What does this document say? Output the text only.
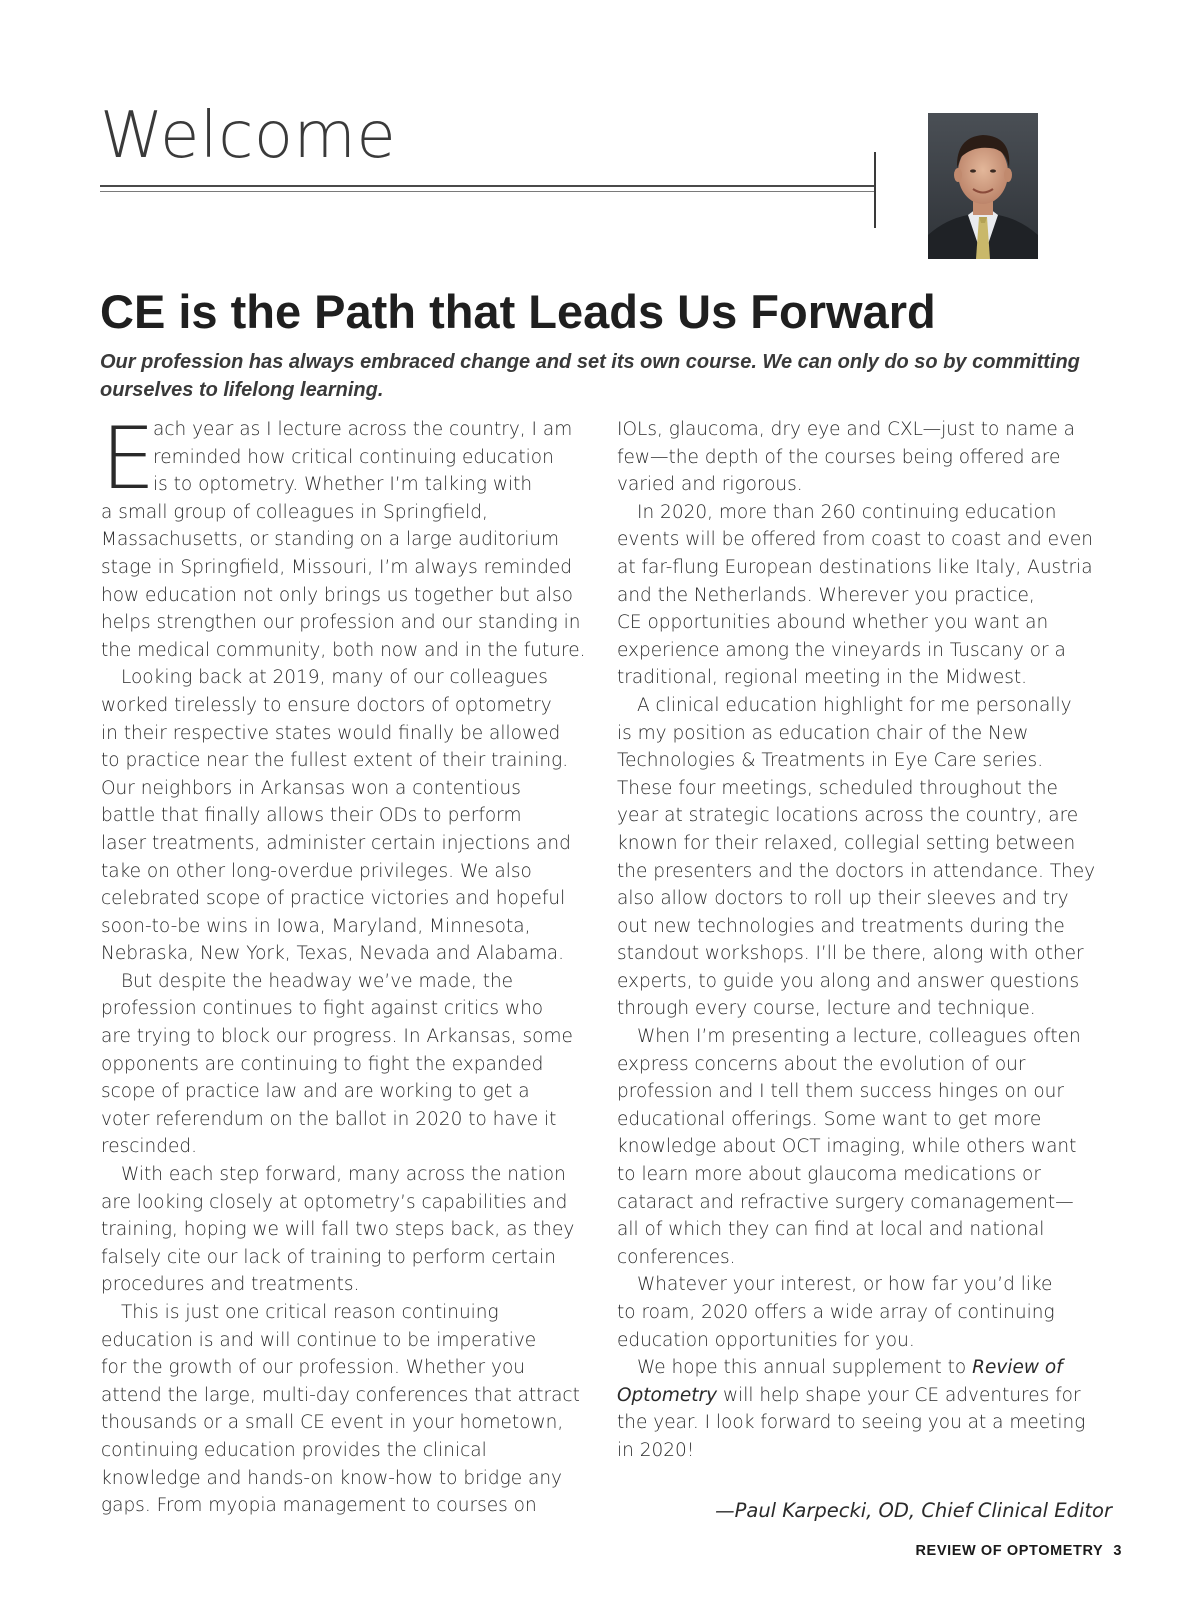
Welcome
CE is the Path that Leads Us Forward

Our profession has always embraced change and set its own course. We can only do so by committing ourselves to lifelong learning.

E
ach year as I lecture across the country, I am
reminded how critical continuing education
is to optometry. Whether I’m talking with
a small group of colleagues in Springfield,
Massachusetts, or standing on a large auditorium
stage in Springfield, Missouri, I’m always reminded
how education not only brings us together but also
helps strengthen our profession and our standing in
the medical community, both now and in the future.
Looking back at 2019, many of our colleagues
worked tirelessly to ensure doctors of optometry
in their respective states would finally be allowed
to practice near the fullest extent of their training.
Our neighbors in Arkansas won a contentious
battle that finally allows their ODs to perform
laser treatments, administer certain injections and
take on other long-overdue privileges. We also
celebrated scope of practice victories and hopeful
soon-to-be wins in Iowa, Maryland, Minnesota,
Nebraska, New York, Texas, Nevada and Alabama.
But despite the headway we’ve made, the
profession continues to fight against critics who
are trying to block our progress. In Arkansas, some
opponents are continuing to fight the expanded
scope of practice law and are working to get a
voter referendum on the ballot in 2020 to have it
rescinded.
With each step forward, many across the nation
are looking closely at optometry’s capabilities and
training, hoping we will fall two steps back, as they
falsely cite our lack of training to perform certain
procedures and treatments.
This is just one critical reason continuing
education is and will continue to be imperative
for the growth of our profession. Whether you
attend the large, multi-day conferences that attract
thousands or a small CE event in your hometown,
continuing education provides the clinical
knowledge and hands-on know-how to bridge any
gaps. From myopia management to courses on
IOLs, glaucoma, dry eye and CXL—just to name a
few—the depth of the courses being offered are
varied and rigorous.
In 2020, more than 260 continuing education
events will be offered from coast to coast and even
at far-flung European destinations like Italy, Austria
and the Netherlands. Wherever you practice,
CE opportunities abound whether you want an
experience among the vineyards in Tuscany or a
traditional, regional meeting in the Midwest.
A clinical education highlight for me personally
is my position as education chair of the New
Technologies & Treatments in Eye Care series.
These four meetings, scheduled throughout the
year at strategic locations across the country, are
known for their relaxed, collegial setting between
the presenters and the doctors in attendance. They
also allow doctors to roll up their sleeves and try
out new technologies and treatments during the
standout workshops. I’ll be there, along with other
experts, to guide you along and answer questions
through every course, lecture and technique.
When I’m presenting a lecture, colleagues often
express concerns about the evolution of our
profession and I tell them success hinges on our
educational offerings. Some want to get more
knowledge about OCT imaging, while others want
to learn more about glaucoma medications or
cataract and refractive surgery comanagement—
all of which they can find at local and national
conferences.
Whatever your interest, or how far you’d like
to roam, 2020 offers a wide array of continuing
education opportunities for you.
We hope this annual supplement to Review of
Optometry will help shape your CE adventures for
the year. I look forward to seeing you at a meeting
in 2020!
—Paul Karpecki, OD, Chief Clinical Editor
REVIEW OF OPTOMETRY 3
